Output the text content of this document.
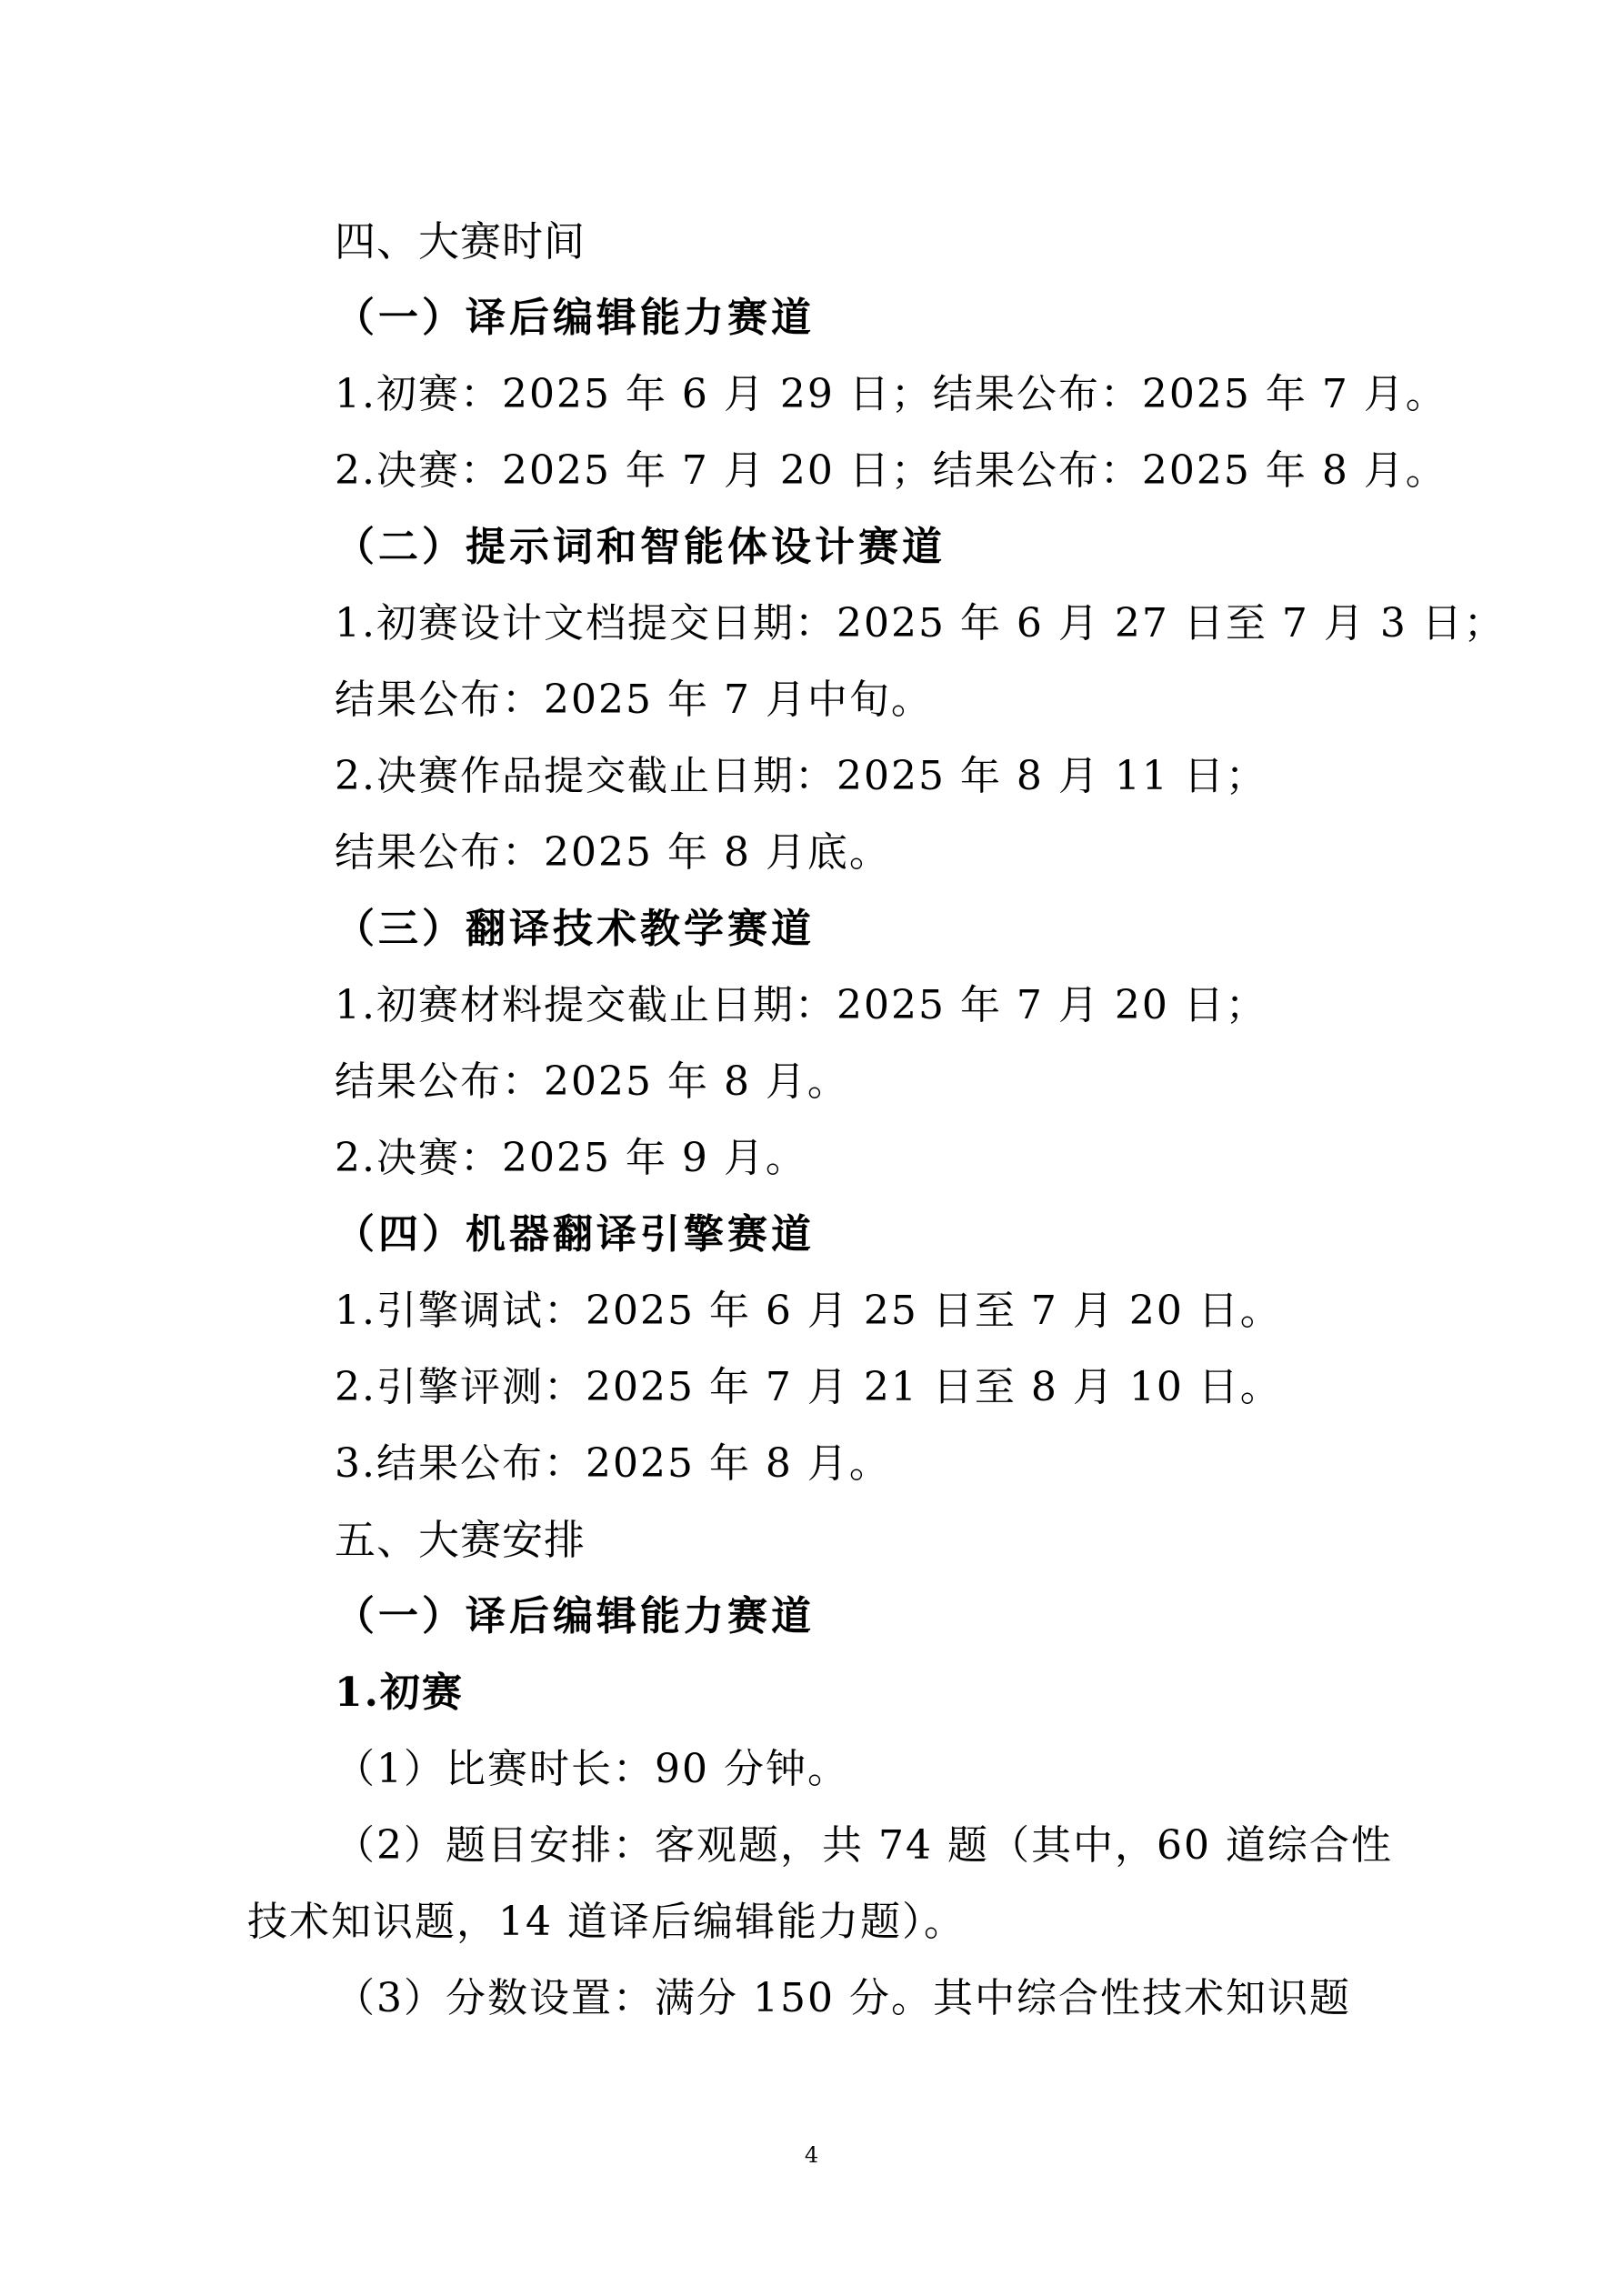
四、大赛时间
（一）译后编辑能力赛道
1.初赛：2025 年 6 月 29 日；结果公布：2025 年 7 月。
2.决赛：2025 年 7 月 20 日；结果公布：2025 年 8 月。
（二）提示词和智能体设计赛道
1.初赛设计文档提交日期：2025 年 6 月 27 日至 7 月 3 日；
结果公布：2025 年 7 月中旬。
2.决赛作品提交截止日期：2025 年 8 月 11 日；
结果公布：2025 年 8 月底。
（三）翻译技术教学赛道
1.初赛材料提交截止日期：2025 年 7 月 20 日；
结果公布：2025 年 8 月。
2.决赛：2025 年 9 月。
（四）机器翻译引擎赛道
1.引擎调试：2025 年 6 月 25 日至 7 月 20 日。
2.引擎评测：2025 年 7 月 21 日至 8 月 10 日。
3.结果公布：2025 年 8 月。
五、大赛安排
（一）译后编辑能力赛道
1.初赛
（1）比赛时长：90 分钟。
（2）题目安排：客观题，共 74 题（其中，60 道综合性
技术知识题，14 道译后编辑能力题）。
（3）分数设置：满分 150 分。其中综合性技术知识题
4
